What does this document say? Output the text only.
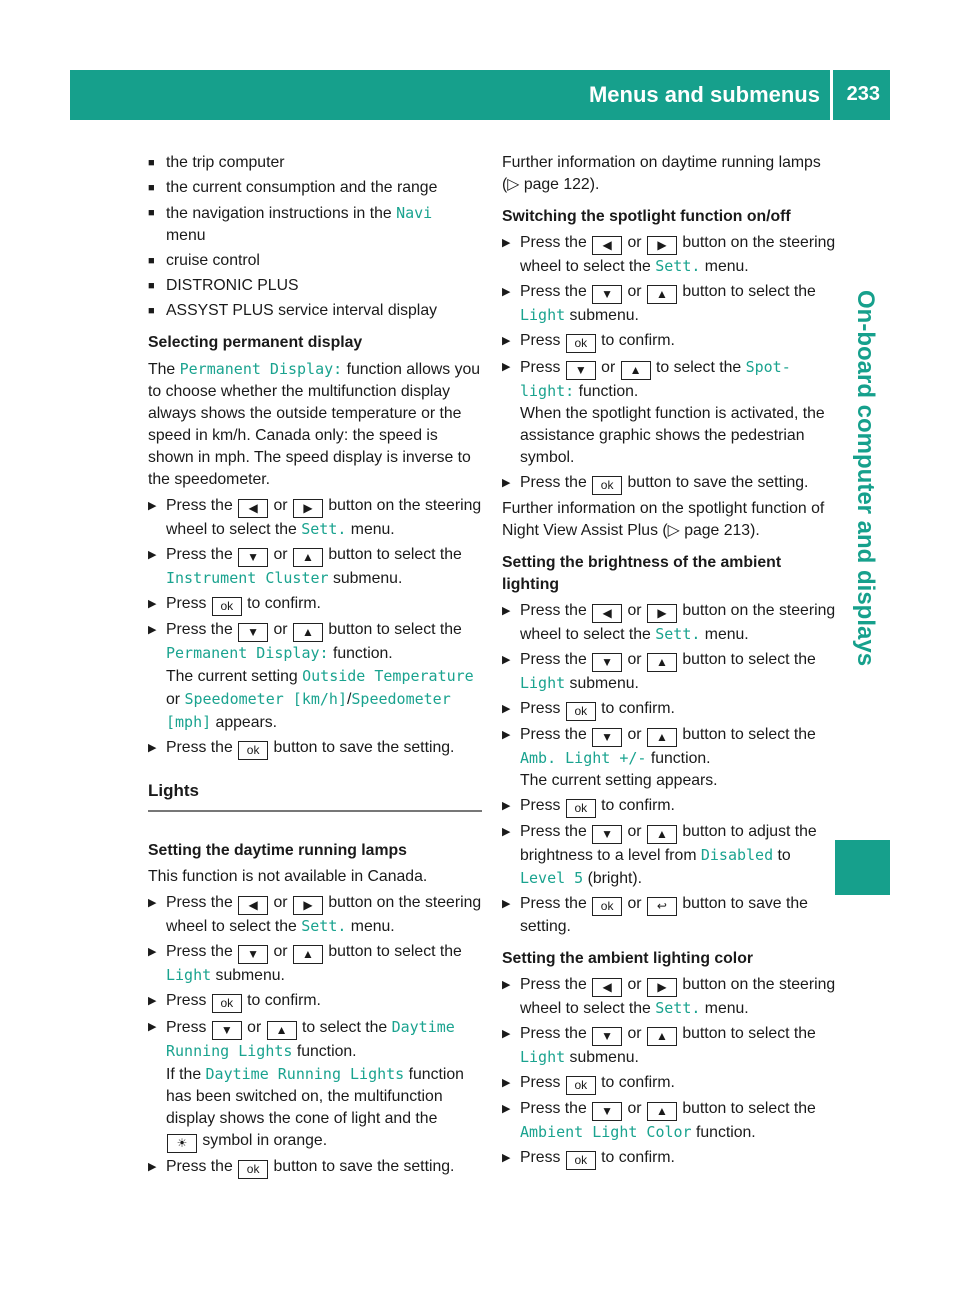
Menus and submenus 233
On-board computer and displays
■ the trip computer
■ the current consumption and the range
■ the navigation instructions in the Navi
menu
■ cruise control
■ DISTRONIC PLUS
■ ASSYST PLUS service interval display
Selecting permanent display
The Permanent Display: function allows you to choose whether the multifunction display always shows the outside temperature or the speed in km/h. Canada only: the speed is shown in mph. The speed display is inverse to the speedometer.
▶ Press the ◀ or ▶ button on the steering wheel to select the Sett. menu.
▶ Press the ▼ or ▲ button to select the Instrument Cluster submenu.
▶ Press ok to confirm.
▶ Press the ▼ or ▲ button to select the Permanent Display: function.
The current setting Outside Temperature or Speedometer [km/h]/Speedometer [mph] appears.
▶ Press the ok button to save the setting.
Lights
Setting the daytime running lamps
This function is not available in Canada.
▶ Press the ◀ or ▶ button on the steering wheel to select the Sett. menu.
▶ Press the ▼ or ▲ button to select the Light submenu.
▶ Press ok to confirm.
▶ Press ▼ or ▲ to select the Daytime Running Lights function.
If the Daytime Running Lights function has been switched on, the multifunction display shows the cone of light and the
☀ symbol in orange.
▶ Press the ok button to save the setting.
Further information on daytime running lamps (▷ page 122).
Switching the spotlight function on/off
▶ Press the ◀ or ▶ button on the steering wheel to select the Sett. menu.
▶ Press the ▼ or ▲ button to select the Light submenu.
▶ Press ok to confirm.
▶ Press ▼ or ▲ to select the Spot‐light: function.
When the spotlight function is activated, the assistance graphic shows the pedestrian symbol.
▶ Press the ok button to save the setting.
Further information on the spotlight function of Night View Assist Plus (▷ page 213).
Setting the brightness of the ambient lighting
▶ Press the ◀ or ▶ button on the steering wheel to select the Sett. menu.
▶ Press the ▼ or ▲ button to select the Light submenu.
▶ Press ok to confirm.
▶ Press the ▼ or ▲ button to select the Amb. Light +/- function.
The current setting appears.
▶ Press ok to confirm.
▶ Press the ▼ or ▲ button to adjust the brightness to a level from Disabled to Level 5 (bright).
▶ Press the ok or ↩ button to save the setting.
Setting the ambient lighting color
▶ Press the ◀ or ▶ button on the steering wheel to select the Sett. menu.
▶ Press the ▼ or ▲ button to select the Light submenu.
▶ Press ok to confirm.
▶ Press the ▼ or ▲ button to select the Ambient Light Color function.
▶ Press ok to confirm.
